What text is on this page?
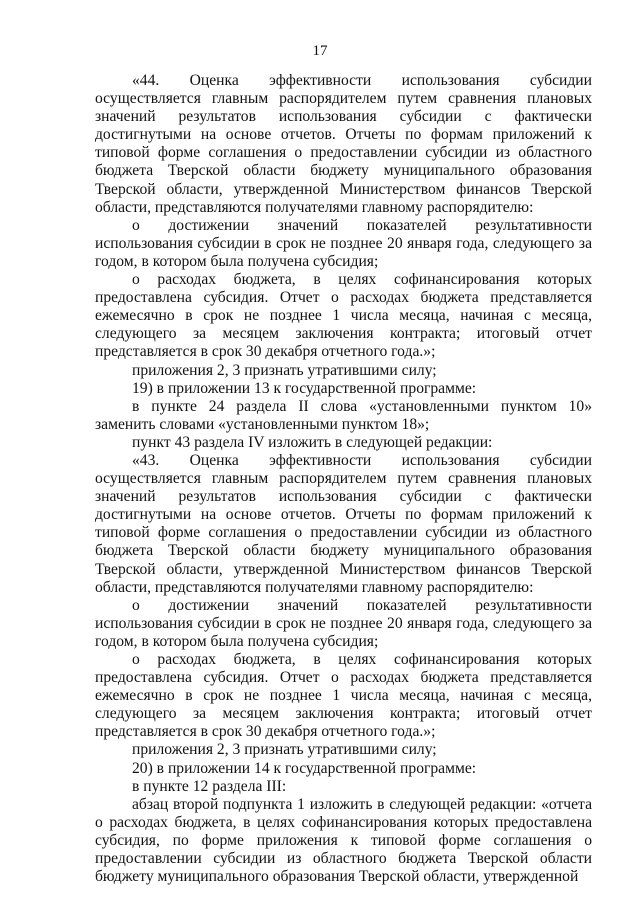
17

«44. Оценка эффективности использования субсидии осуществляется главным распорядителем путем сравнения плановых значений результатов использования субсидии с фактически достигнутыми на основе отчетов. Отчеты по формам приложений к типовой форме соглашения о предоставлении субсидии из областного бюджета Тверской области бюджету муниципального образования Тверской области, утвержденной Министерством финансов Тверской области, представляются получателями главному распорядителю:

о достижении значений показателей результативности использования субсидии в срок не позднее 20 января года, следующего за годом, в котором была получена субсидия;

о расходах бюджета, в целях софинансирования которых предоставлена субсидия. Отчет о расходах бюджета представляется ежемесячно в срок не позднее 1 числа месяца, начиная с месяца, следующего за месяцем заключения контракта; итоговый отчет представляется в срок 30 декабря отчетного года.»;

приложения 2, 3 признать утратившими силу;

19) в приложении 13 к государственной программе:

в пункте 24 раздела II слова «установленными пунктом 10» заменить словами «установленными пунктом 18»;

пункт 43 раздела IV изложить в следующей редакции:

«43. Оценка эффективности использования субсидии осуществляется главным распорядителем путем сравнения плановых значений результатов использования субсидии с фактически достигнутыми на основе отчетов. Отчеты по формам приложений к типовой форме соглашения о предоставлении субсидии из областного бюджета Тверской области бюджету муниципального образования Тверской области, утвержденной Министерством финансов Тверской области, представляются получателями главному распорядителю:

о достижении значений показателей результативности использования субсидии в срок не позднее 20 января года, следующего за годом, в котором была получена субсидия;

о расходах бюджета, в целях софинансирования которых предоставлена субсидия. Отчет о расходах бюджета представляется ежемесячно в срок не позднее 1 числа месяца, начиная с месяца, следующего за месяцем заключения контракта; итоговый отчет представляется в срок 30 декабря отчетного года.»;

приложения 2, 3 признать утратившими силу;

20) в приложении 14 к государственной программе:

в пункте 12 раздела III:

абзац второй подпункта 1 изложить в следующей редакции: «отчета о расходах бюджета, в целях софинансирования которых предоставлена субсидия, по форме приложения к типовой форме соглашения о предоставлении субсидии из областного бюджета Тверской области бюджету муниципального образования Тверской области, утвержденной
